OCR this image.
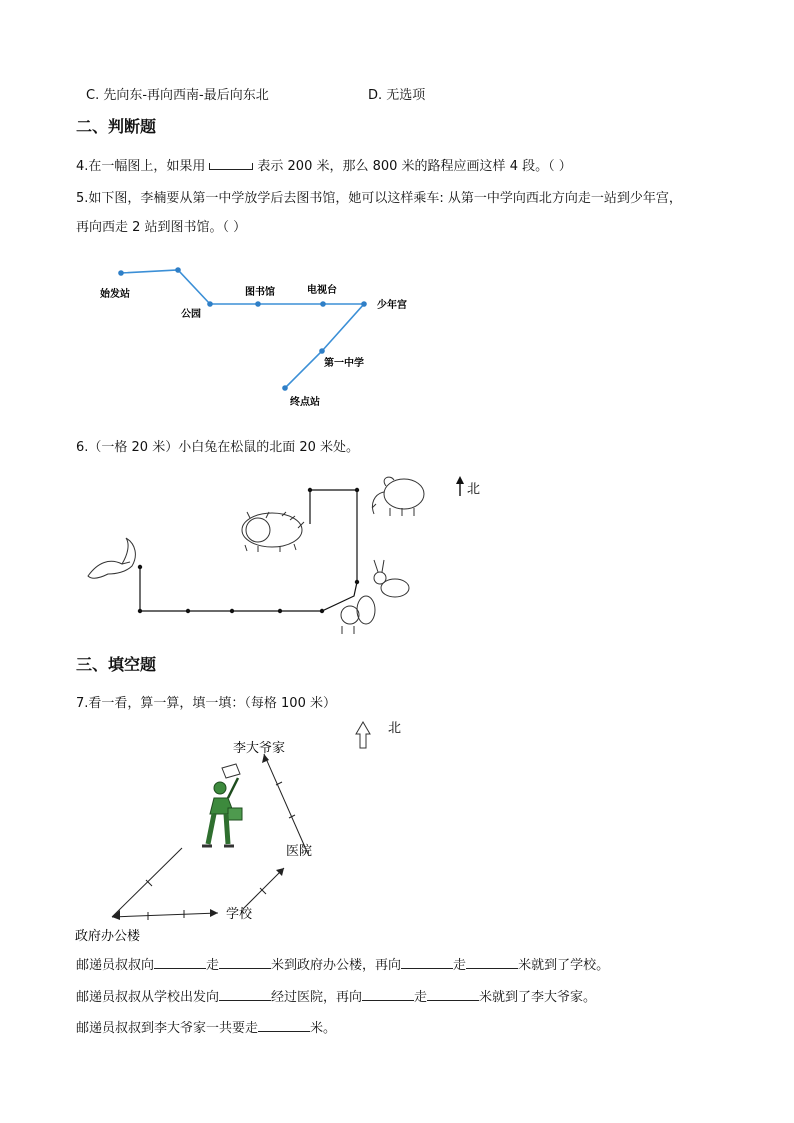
C. 先向东-再向西南-最后向东北	D. 无选项
二、判断题
4.在一幅图上，如果用	表示 200 米，那么 800 米的路程应画这样 4 段。（ ）
5.如下图，李楠要从第一中学放学后去图书馆，她可以这样乘车: 从第一中学向西北方向走一站到少年宫，
再向西走 2 站到图书馆。（ ）
始发站
公园
图书馆	电视台
少年宫
第一中学
终点站
6.（一格 20 米）小白兔在松鼠的北面 20 米处。
北
三、填空题
7.看一看，算一算，填一填：（每格 100 米）
北
李大爷家
医院
学校
政府办公楼
邮递员叔叔向	走	米到政府办公楼，再向	走	米就到了学校。
邮递员叔叔从学校出发向	经过医院，再向	走	米就到了李大爷家。
邮递员叔叔到李大爷家一共要走	米。
